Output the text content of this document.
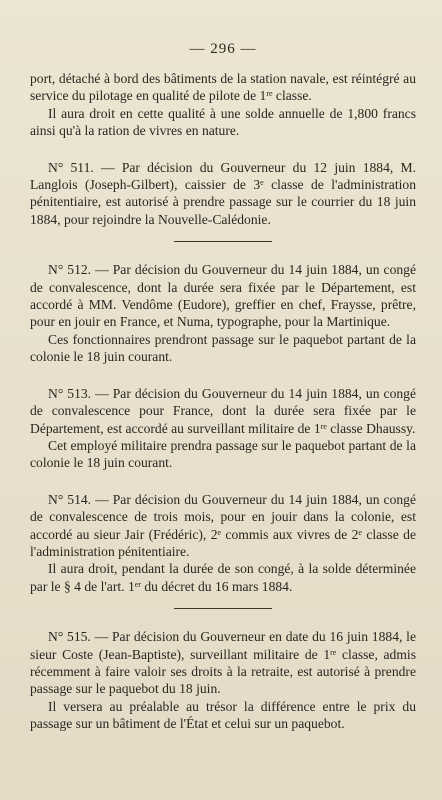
— 296 —

port, détaché à bord des bâtiments de la station navale, est réintégré au service du pilotage en qualité de pilote de 1re classe.

Il aura droit en cette qualité à une solde annuelle de 1,800 francs ainsi qu'à la ration de vivres en nature.

N° 511. — Par décision du Gouverneur du 12 juin 1884, M. Langlois (Joseph-Gilbert), caissier de 3e classe de l'administration pénitentiaire, est autorisé à prendre passage sur le courrier du 18 juin 1884, pour rejoindre la Nouvelle-Calédonie.

N° 512. — Par décision du Gouverneur du 14 juin 1884, un congé de convalescence, dont la durée sera fixée par le Département, est accordé à MM. Vendôme (Eudore), greffier en chef, Fraysse, prêtre, pour en jouir en France, et Numa, typographe, pour la Martinique.

Ces fonctionnaires prendront passage sur le paquebot partant de la colonie le 18 juin courant.

N° 513. — Par décision du Gouverneur du 14 juin 1884, un congé de convalescence pour France, dont la durée sera fixée par le Département, est accordé au surveillant militaire de 1re classe Dhaussy.

Cet employé militaire prendra passage sur le paquebot partant de la colonie le 18 juin courant.

N° 514. — Par décision du Gouverneur du 14 juin 1884, un congé de convalescence de trois mois, pour en jouir dans la colonie, est accordé au sieur Jair (Frédéric), 2e commis aux vivres de 2e classe de l'administration pénitentiaire.

Il aura droit, pendant la durée de son congé, à la solde déterminée par le § 4 de l'art. 1er du décret du 16 mars 1884.

N° 515. — Par décision du Gouverneur en date du 16 juin 1884, le sieur Coste (Jean-Baptiste), surveillant militaire de 1re classe, admis récemment à faire valoir ses droits à la retraite, est autorisé à prendre passage sur le paquebot du 18 juin.

Il versera au préalable au trésor la différence entre le prix du passage sur un bâtiment de l'État et celui sur un paquebot.
